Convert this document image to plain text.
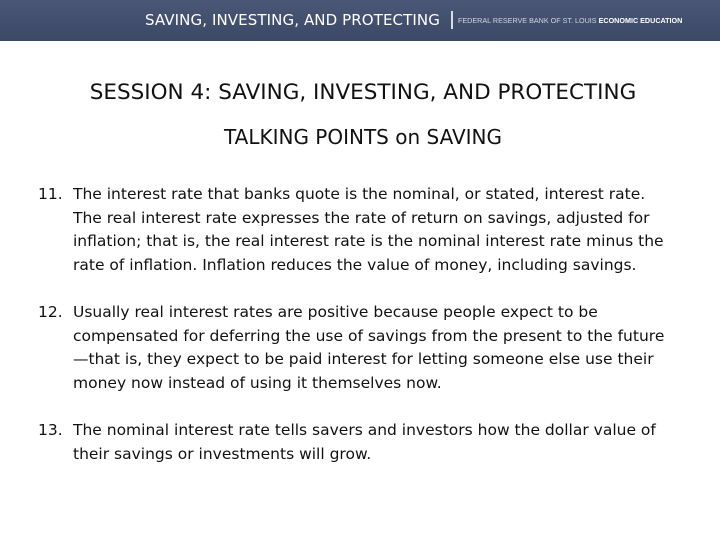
SAVING, INVESTING, AND PROTECTING	FEDERAL RESERVE BANK OF ST. LOUIS ECONOMIC EDUCATION
SESSION 4: SAVING, INVESTING, AND PROTECTING
TALKING POINTS on SAVING
11. The interest rate that banks quote is the nominal, or stated, interest rate. The real interest rate expresses the rate of return on savings, adjusted for inflation; that is, the real interest rate is the nominal interest rate minus the rate of inflation. Inflation reduces the value of money, including savings.
12. Usually real interest rates are positive because people expect to be compensated for deferring the use of savings from the present to the future—that is, they expect to be paid interest for letting someone else use their money now instead of using it themselves now.
13. The nominal interest rate tells savers and investors how the dollar value of their savings or investments will grow.
